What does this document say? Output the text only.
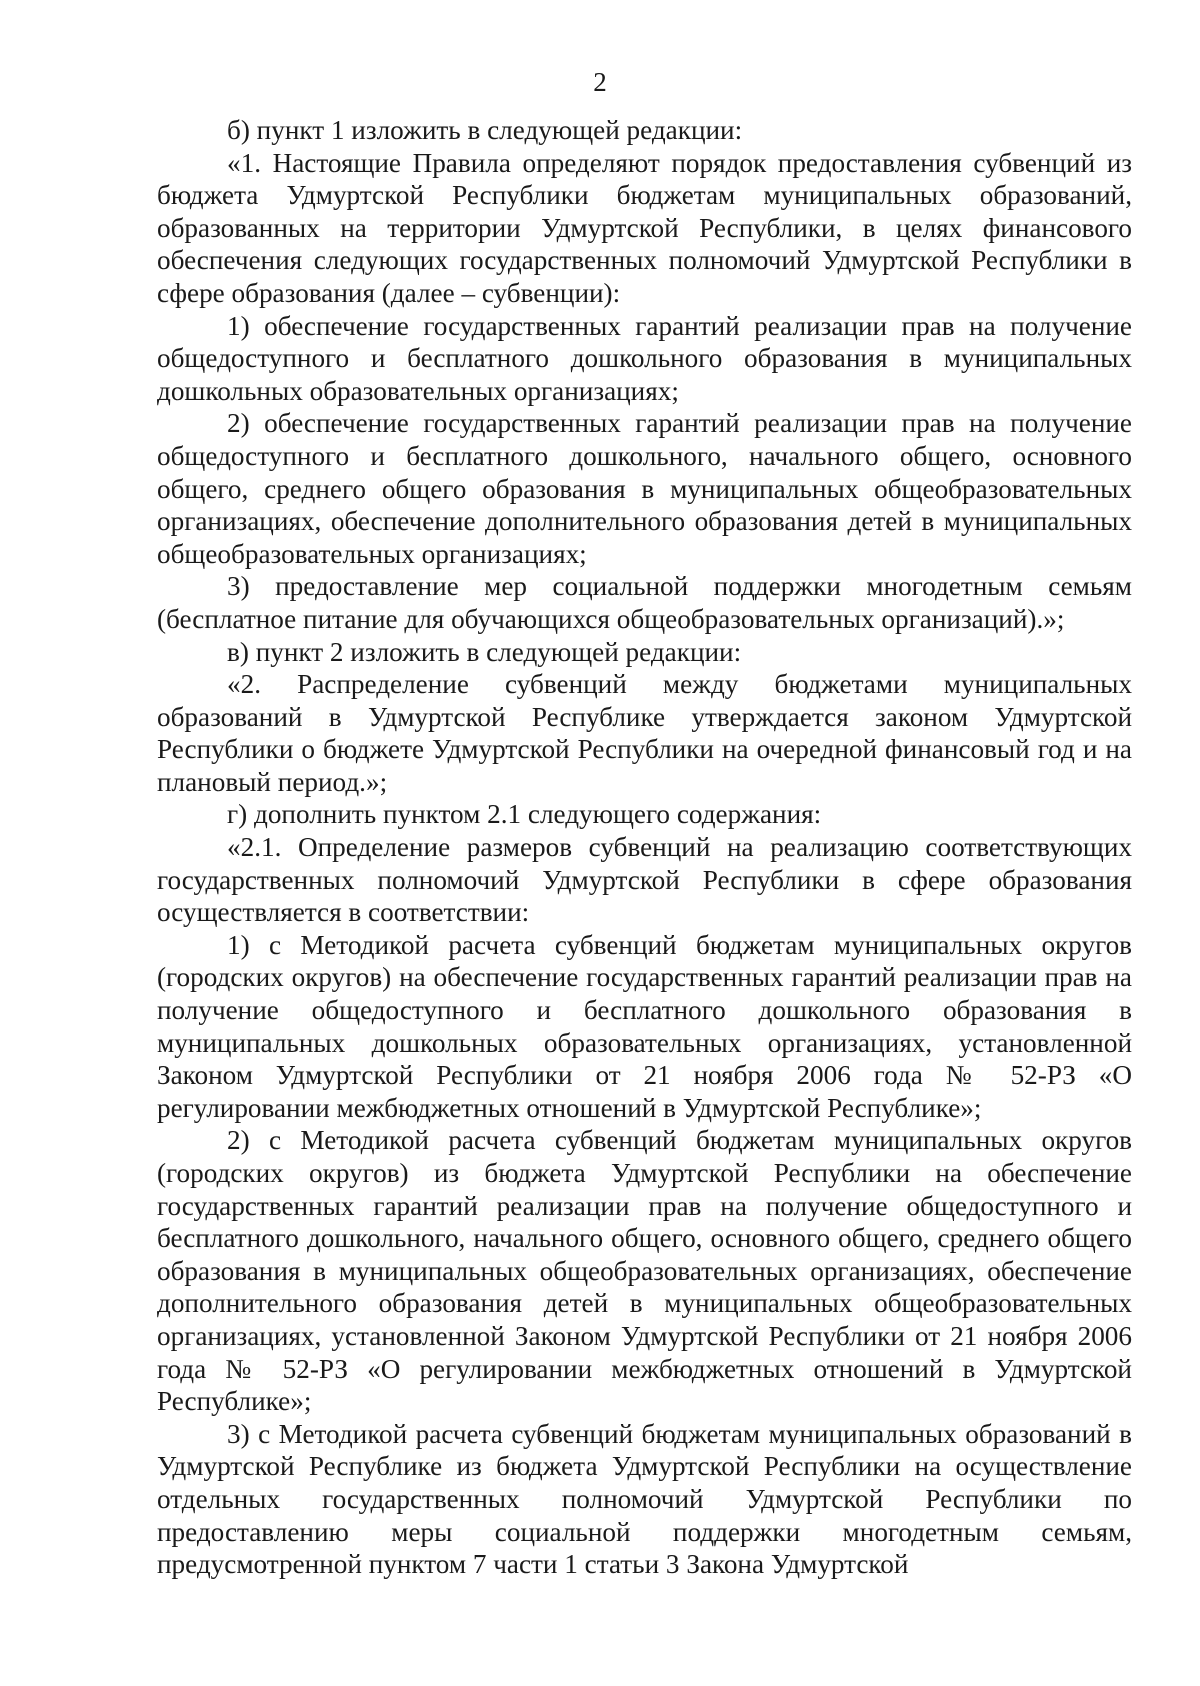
2

б) пункт 1 изложить в следующей редакции:

«1. Настоящие Правила определяют порядок предоставления субвенций из бюджета Удмуртской Республики бюджетам муниципальных образований, образованных на территории Удмуртской Республики, в целях финансового обеспечения следующих государственных полномочий Удмуртской Республики в сфере образования (далее – субвенции):

1) обеспечение государственных гарантий реализации прав на получение общедоступного и бесплатного дошкольного образования в муниципальных дошкольных образовательных организациях;

2) обеспечение государственных гарантий реализации прав на получение общедоступного и бесплатного дошкольного, начального общего, основного общего, среднего общего образования в муниципальных общеобразовательных организациях, обеспечение дополнительного образования детей в муниципальных общеобразовательных организациях;

3) предоставление мер социальной поддержки многодетным семьям (бесплатное питание для обучающихся общеобразовательных организаций).»;

в) пункт 2 изложить в следующей редакции:

«2. Распределение субвенций между бюджетами муниципальных образований в Удмуртской Республике утверждается законом Удмуртской Республики о бюджете Удмуртской Республики на очередной финансовый год и на плановый период.»;

г) дополнить пунктом 2.1 следующего содержания:

«2.1. Определение размеров субвенций на реализацию соответствующих государственных полномочий Удмуртской Республики в сфере образования осуществляется в соответствии:

1) с Методикой расчета субвенций бюджетам муниципальных округов (городских округов) на обеспечение государственных гарантий реализации прав на получение общедоступного и бесплатного дошкольного образования в муниципальных дошкольных образовательных организациях, установленной Законом Удмуртской Республики от 21 ноября 2006 года № 52-РЗ «О регулировании межбюджетных отношений в Удмуртской Республике»;

2) с Методикой расчета субвенций бюджетам муниципальных округов (городских округов) из бюджета Удмуртской Республики на обеспечение государственных гарантий реализации прав на получение общедоступного и бесплатного дошкольного, начального общего, основного общего, среднего общего образования в муниципальных общеобразовательных организациях, обеспечение дополнительного образования детей в муниципальных общеобразовательных организациях, установленной Законом Удмуртской Республики от 21 ноября 2006 года № 52-РЗ «О регулировании межбюджетных отношений в Удмуртской Республике»;

3) с Методикой расчета субвенций бюджетам муниципальных образований в Удмуртской Республике из бюджета Удмуртской Республики на осуществление отдельных государственных полномочий Удмуртской Республики по предоставлению меры социальной поддержки многодетным семьям, предусмотренной пунктом 7 части 1 статьи 3 Закона Удмуртской
